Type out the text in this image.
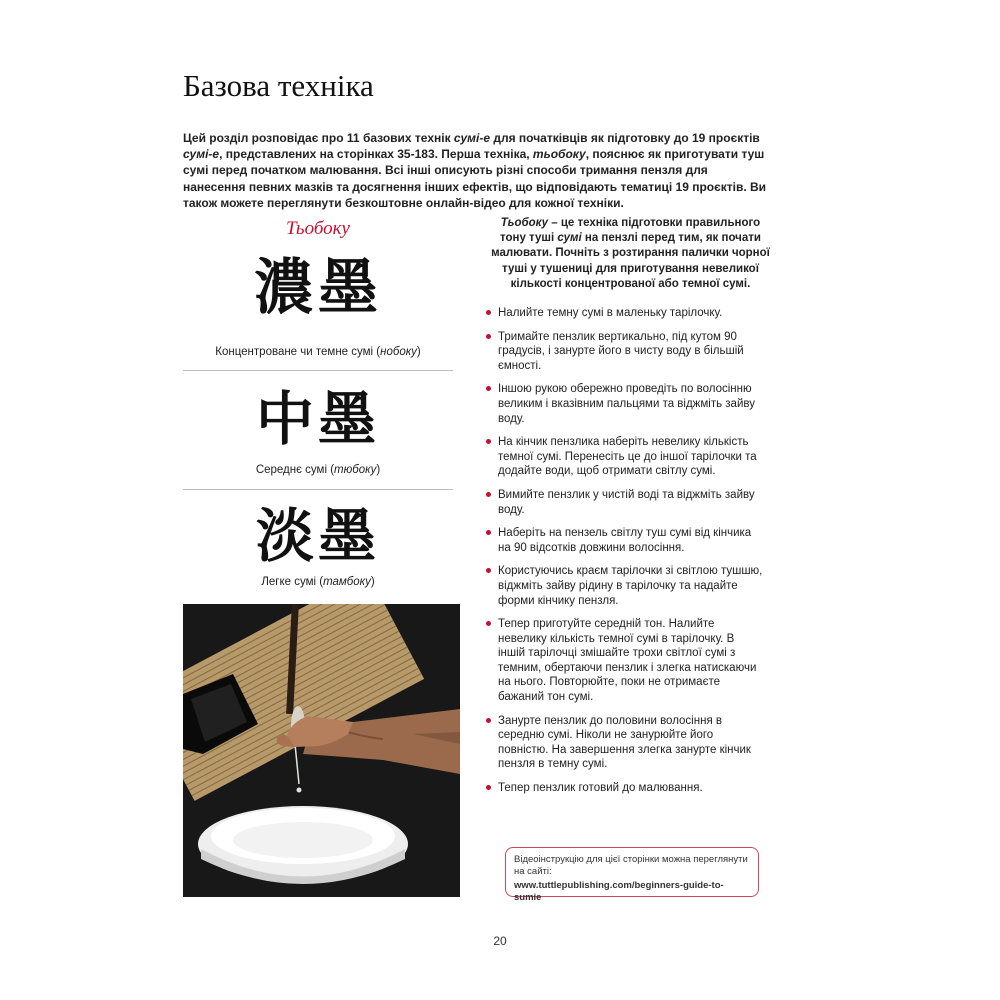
Базова техніка

Цей розділ розповідає про 11 базових технік сумі-е для початківців як підготовку до 19 проєктів сумі-е, представлених на сторінках 35-183. Перша техніка, тьобоку, пояснює як приготувати туш сумі перед початком малювання. Всі інші описують різні способи тримання пензля для нанесення певних мазків та досягнення інших ефектів, що відповідають тематиці 19 проєктів. Ви також можете переглянути безкоштовне онлайн-відео для кожної техніки.

Тьобоку
濃墨
Концентроване чи темне сумі (нобоку)
中墨
Середнє сумі (тюбоку)
淡墨
Легке сумі (тамбоку)

Тьобоку – це техніка підготовки правильного тону туші сумі на пензлі перед тим, як почати малювати. Почніть з розтирання палички чорної туші у тушениці для приготування невеликої кількості концентрованої або темної сумі.

Налийте темну сумі в маленьку тарілочку.
Тримайте пензлик вертикально, під кутом 90 градусів, і занурте його в чисту воду в більшій ємності.
Іншою рукою обережно проведіть по волосінню великим і вказівним пальцями та віджміть зайву воду.
На кінчик пензлика наберіть невелику кількість темної сумі. Перенесіть це до іншої тарілочки та додайте води, щоб отримати світлу сумі.
Вимийте пензлик у чистій воді та віджміть зайву воду.
Наберіть на пензель світлу туш сумі від кінчика на 90 відсотків довжини волосіння.
Користуючись краєм тарілочки зі світлою тушшю, віджміть зайву рідину в тарілочку та надайте форми кінчику пензля.
Тепер приготуйте середній тон. Налийте невелику кількість темної сумі в тарілочку. В іншій тарілочці змішайте трохи світлої сумі з темним, обертаючи пензлик і злегка натискаючи на нього. Повторюйте, поки не отримаєте бажаний тон сумі.
Занурте пензлик до половини волосіння в середню сумі. Ніколи не занурюйте його повністю. На завершення злегка занурте кінчик пензля в темну сумі.
Тепер пензлик готовий до малювання.
Відеоінструкцію для цієї сторінки можна переглянути на сайті:
www.tuttlepublishing.com/beginners-guide-to-sumie
20
